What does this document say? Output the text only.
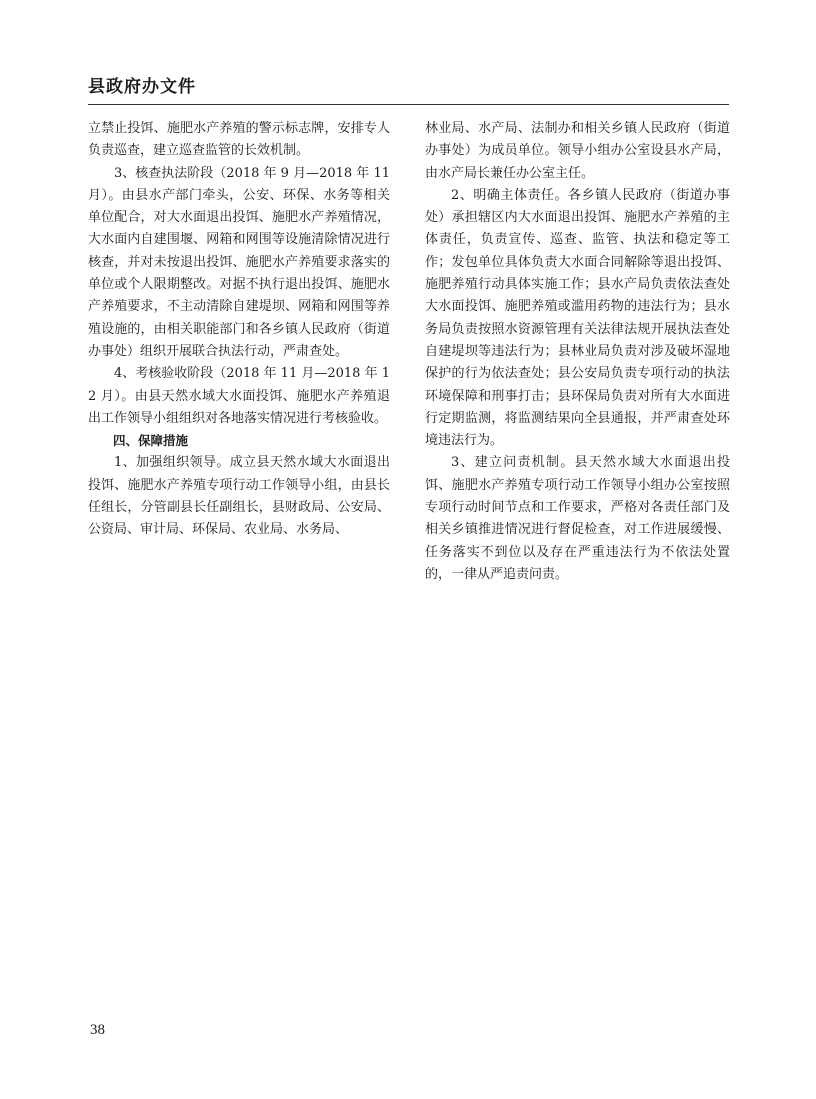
县政府办文件

立禁止投饵、施肥水产养殖的警示标志牌，安排专人负责巡查，建立巡查监管的长效机制。

3、核查执法阶段（2018 年 9 月—2018 年 11 月）。由县水产部门牵头，公安、环保、水务等相关单位配合，对大水面退出投饵、施肥水产养殖情况，大水面内自建围堰、网箱和网围等设施清除情况进行核查，并对未按退出投饵、施肥水产养殖要求落实的单位或个人限期整改。对据不执行退出投饵、施肥水产养殖要求，不主动清除自建堤坝、网箱和网围等养殖设施的，由相关职能部门和各乡镇人民政府（街道办事处）组织开展联合执法行动，严肃查处。

4、考核验收阶段（2018 年 11 月—2018 年 12 月）。由县天然水域大水面投饵、施肥水产养殖退出工作领导小组组织对各地落实情况进行考核验收。

四、保障措施

1、加强组织领导。成立县天然水域大水面退出投饵、施肥水产养殖专项行动工作领导小组，由县长任组长，分管副县长任副组长，县财政局、公安局、公资局、审计局、环保局、农业局、水务局、

林业局、水产局、法制办和相关乡镇人民政府（街道办事处）为成员单位。领导小组办公室设县水产局，由水产局长兼任办公室主任。

2、明确主体责任。各乡镇人民政府（街道办事处）承担辖区内大水面退出投饵、施肥水产养殖的主体责任，负责宣传、巡查、监管、执法和稳定等工作；发包单位具体负责大水面合同解除等退出投饵、施肥养殖行动具体实施工作；县水产局负责依法查处大水面投饵、施肥养殖或滥用药物的违法行为；县水务局负责按照水资源管理有关法律法规开展执法查处自建堤坝等违法行为；县林业局负责对涉及破坏湿地保护的行为依法查处；县公安局负责专项行动的执法环境保障和刑事打击；县环保局负责对所有大水面进行定期监测，将监测结果向全县通报，并严肃查处环境违法行为。

3、建立问责机制。县天然水域大水面退出投饵、施肥水产养殖专项行动工作领导小组办公室按照专项行动时间节点和工作要求，严格对各责任部门及相关乡镇推进情况进行督促检查，对工作进展缓慢、任务落实不到位以及存在严重违法行为不依法处置的，一律从严追责问责。

38
